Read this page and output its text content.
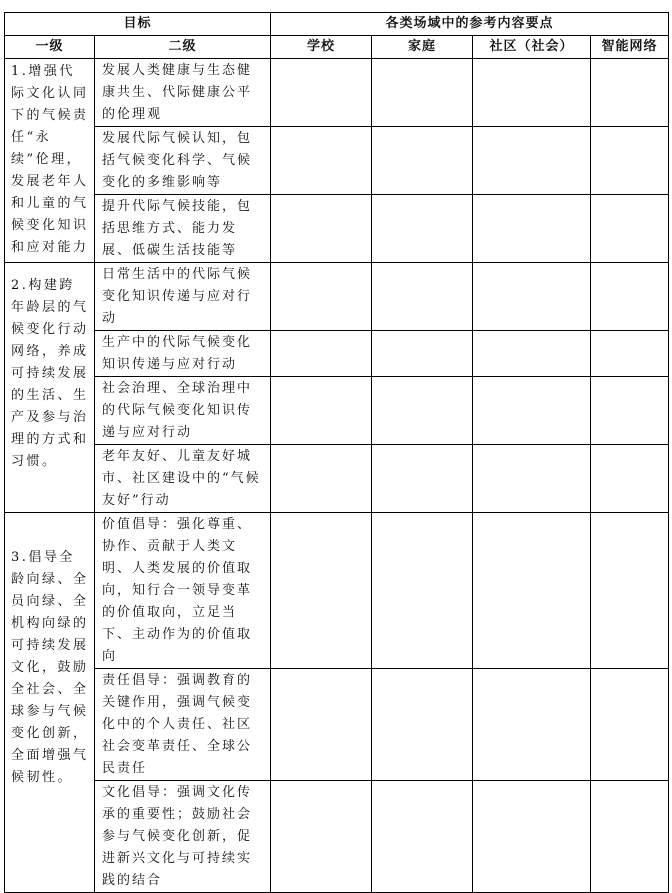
目标		各类场域中的参考内容要点			
一级	二级	学校	家庭	社区（社会）	智能网络
1.增强代际文化认同下的气候责任“永续”伦理，发展老年人和儿童的气候变化知识和应对能力	发展人类健康与生态健康共生、代际健康公平的伦理观				
	发展代际气候认知，包括气候变化科学、气候变化的多维影响等				
	提升代际气候技能，包括思维方式、能力发展、低碳生活技能等				
2.构建跨年龄层的气候变化行动网络，养成可持续发展的生活、生产及参与治理的方式和习惯。	日常生活中的代际气候变化知识传递与应对行动				
	生产中的代际气候变化知识传递与应对行动				
	社会治理、全球治理中的代际气候变化知识传递与应对行动				
	老年友好、儿童友好城市、社区建设中的“气候友好”行动				
3.倡导全龄向绿、全员向绿、全机构向绿的可持续发展文化，鼓励全社会、全球参与气候变化创新，全面增强气候韧性。	价值倡导：强化尊重、协作、贡献于人类文明、人类发展的价值取向，知行合一领导变革的价值取向，立足当下、主动作为的价值取向				
	责任倡导：强调教育的关键作用，强调气候变化中的个人责任、社区社会变革责任、全球公民责任				
	文化倡导：强调文化传承的重要性；鼓励社会参与气候变化创新，促进新兴文化与可持续实践的结合				
